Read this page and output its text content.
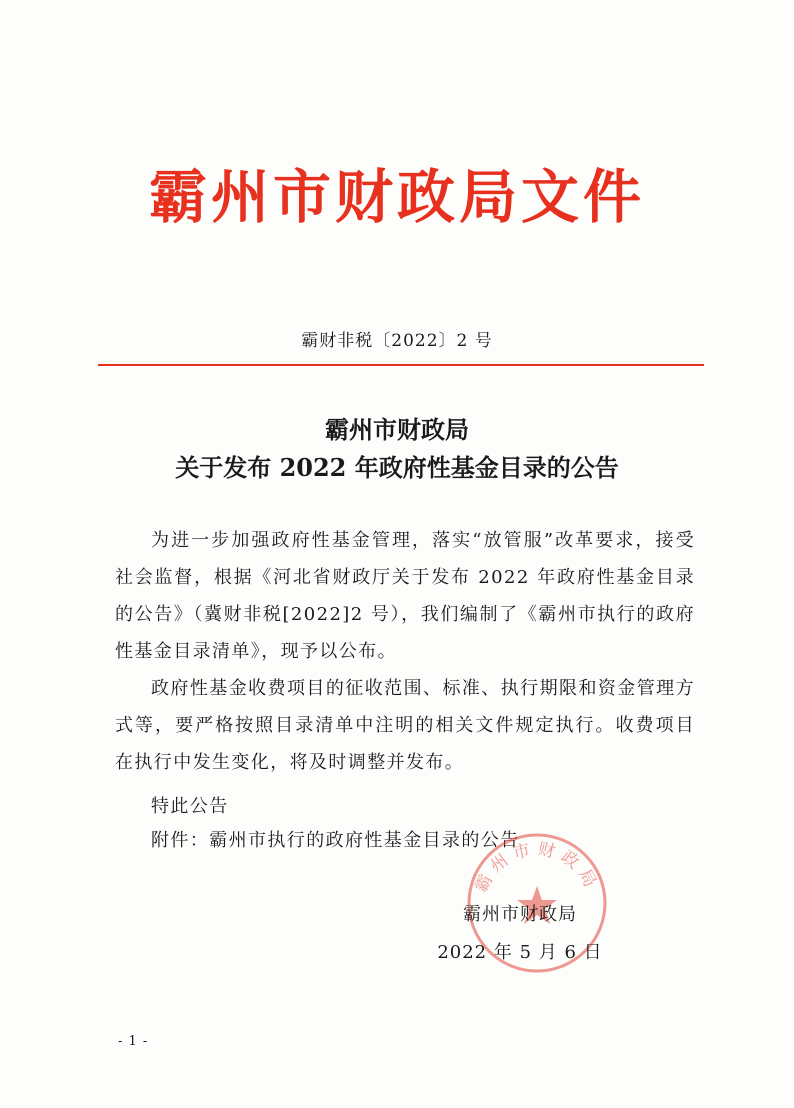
霸州市财政局文件
霸财非税〔2022〕2 号
霸州市财政局
关于发布 2022 年政府性基金目录的公告
为进一步加强政府性基金管理，落实“放管服”改革要求，接受社会监督，根据《河北省财政厅关于发布 2022 年政府性基金目录的公告》（冀财非税[2022]2 号），我们编制了《霸州市执行的政府性基金目录清单》，现予以公布。
政府性基金收费项目的征收范围、标准、执行期限和资金管理方式等，要严格按照目录清单中注明的相关文件规定执行。收费项目在执行中发生变化，将及时调整并发布。
特此公告
附件：霸州市执行的政府性基金目录的公告
霸州市财政局
霸州市财政局
2022 年 5 月 6 日
- 1 -
